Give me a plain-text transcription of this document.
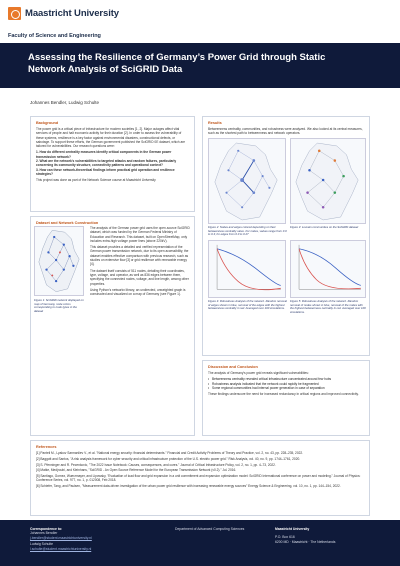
Maastricht University
Faculty of Science and Engineering
Assessing the Resilience of Germany’s Power Grid through Static Network Analysis of SciGRID Data
Johannes Bendler, Ludwig Schulte
Background
The power grid is a critical piece of infrastructure for modern societies [1, 2]. Major outages affect vital services of people and halt economic activity for their duration [2]. In order to assess the vulnerability of these systems, resilience is a key factor against environmental disasters, constructional defects, or sabotage. To support these efforts, the German government published the SciGRID 0E dataset, which are tailored for vulnerabilities. Our research questions were:
1. How do different centrality measures identify critical components in the German power transmission network?
2. What are the network's vulnerabilities to targeted attacks and random failures, particularly concerning its community structure, connectivity patterns and operational context?
3. How can these network-theoretical findings inform practical grid operation and resilience strategies?
This project was done as part of the Network Science course at Maastricht University
Dataset and Network Construction
Figure 1: SciGRID network displayed on map of Germany, node colors corresponding to node types in the dataset
The analysis of the German power grid uses the open-source SciGRID dataset, which was funded by the German Federal Ministry of Education and Research. This dataset, built on OpenStreetMap, only includes extra-high voltage power lines (above 220kV).
This dataset provides a detailed and verified representation of the German power transmission network, due to its open accessibility, the dataset enables effective comparison with previous research, such as studies on extensive flow [3] or grid resilience with renewable energy [4].
The dataset itself consists of 511 nodes, detailing their coordinates, type, voltage, and operator, as well as 836 edges between them, specifying the connected nodes, voltage, and line length, among other properties.
Using Python's networkx library, an undirected, unweighted graph is constructed and visualized on a map of Germany (see Figure 1).
Results
Betweenness centrality, communities, and robustness were analyzed. We also looked at its central measures, such as the shortest path to betweenness and network operators.
Figure 2: Nodes and edges colored depending on their betweenness centrality value. For nodes, values range from 0.0 to 0.4; for edges from 0.0 to 0.27
Figure 3: Louvain communities on the SciGRID dataset
Figure 4: Robustness Analysis of the network. Random removal of edges shown in blue, removal of the edges with the highest betweenness centrality in red. Averaged over 100 simulations.
Figure 5: Robustness Analysis of the network. Random removal of nodes shown in blue, removal of the nodes with the highest betweenness centrality in red. Averaged over 100 simulations.
Discussion and Conclusion
The analysis of Germany's power grid reveals significant vulnerabilities:
• Betweenness centrality revealed critical infrastructure concentrated around few hubs
• Robustness analysis indicated that the network could rapidly be fragmented
• Some regional communities had internal power generation in case of separation
These findings underscore the need for increased redundancy in critical regions and improved connectivity.
References
[1] Panteli M., Lyakov Sarmanliev V., et al. "National energy security: financial determinants." Financial and Credit Activity Problems of Theory and Practice, vol. 2, no. 43, pp. 228–235, 2022.
[2] Baggott and Santos, "A risk analysis framework for cyber security and critical infrastructure protection of the U.S. electric power grid." Risk Analysis, vol. 40, no. 9, pp. 1744–1761, 2020.
[3] S. Pfenninger and R. Pecenkovic, "The 2022 Issue Notebook: Causes, consequences, and cures." Journal of Critical Infrastructure Policy, vol. 2, no. 1, pp. 4–73, 2022.
[4] Matke, Medjroubi, and Kleinhans, "SciGRID - An Open Source Reference Model for the European Transmission Network (v0.2)." Jul. 2016.
[5] Santiago, Gomez, Wuerzmayer, and Lipowsky, "Evaluation of load flow and grid expansion in a unit commitment and expansion optimization model: SciGRID International conference on power and modeling." Journal of Physics: Conference Series, vol. 977, no. 1, p. 012008, Feb 2018.
[6] Schiefer, Tang, and Paulsen, "Measurement data-driven investigation of the urban power grid resilience with increasing renewable energy sources" Energy Science & Engineering, vol. 10, no. 1, pp. 144–154, 2022.
Correspondence to:
Johannes Bendler
j.bendler@student.maastrichtuniversity.nl
Ludwig Schulte
l.schulte@student.maastrichtuniversity.nl
Department of Advanced Computing Sciences	Maastricht University
P.O. Box 616
6200 MD · Maastricht · The Netherlands
